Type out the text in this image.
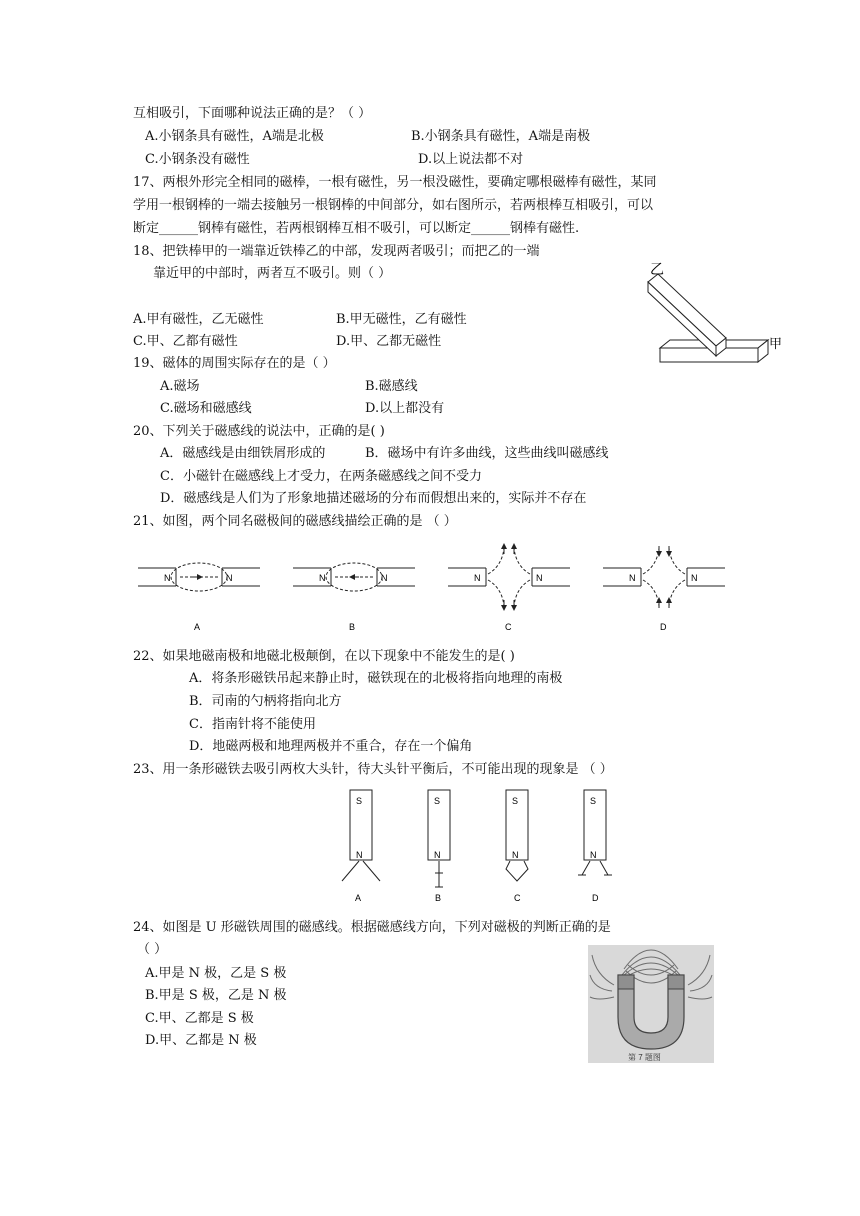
互相吸引，下面哪种说法正确的是？（ ）
A.小钢条具有磁性，A端是北极	B.小钢条具有磁性，A端是南极
C.小钢条没有磁性	D.以上说法都不对
17、两根外形完全相同的磁棒，一根有磁性，另一根没磁性，要确定哪根磁棒有磁性，某同
学用一根钢棒的一端去接触另一根钢棒的中间部分，如右图所示，若两根棒互相吸引，可以
断定______钢棒有磁性，若两根钢棒互相不吸引，可以断定______钢棒有磁性.
18、把铁棒甲的一端靠近铁棒乙的中部，发现两者吸引；而把乙的一端
靠近甲的中部时，两者互不吸引。则（ ）
A.甲有磁性，乙无磁性	B.甲无磁性，乙有磁性
C.甲、乙都有磁性	D.甲、乙都无磁性
乙
甲
19、磁体的周围实际存在的是（ ）
A.磁场	B.磁感线
C.磁场和磁感线	D.以上都没有
20、下列关于磁感线的说法中，正确的是( )
A．磁感线是由细铁屑形成的	B．磁场中有许多曲线，这些曲线叫磁感线
C．小磁针在磁感线上才受力，在两条磁感线之间不受力
D．磁感线是人们为了形象地描述磁场的分布而假想出来的，实际并不存在
21、如图，两个同名磁极间的磁感线描绘正确的是 （ ）
N	N
A
N	N
B
N	N
C
N	N
D
22、如果地磁南极和地磁北极颠倒，在以下现象中不能发生的是( )
A．将条形磁铁吊起来静止时，磁铁现在的北极将指向地理的南极
B．司南的勺柄将指向北方
C．指南针将不能使用
D．地磁两极和地理两极并不重合，存在一个偏角
23、用一条形磁铁去吸引两枚大头针，待大头针平衡后，不可能出现的现象是 （ ）
S
N
A
S
N
B
S
N
C
S
N
D
24、如图是 U 形磁铁周围的磁感线。根据磁感线方向，下列对磁极的判断正确的是
（ ）
A.甲是 N 极，乙是 S 极
B.甲是 S 极，乙是 N 极
C.甲、乙都是 S 极
D.甲、乙都是 N 极
第 7 题图
